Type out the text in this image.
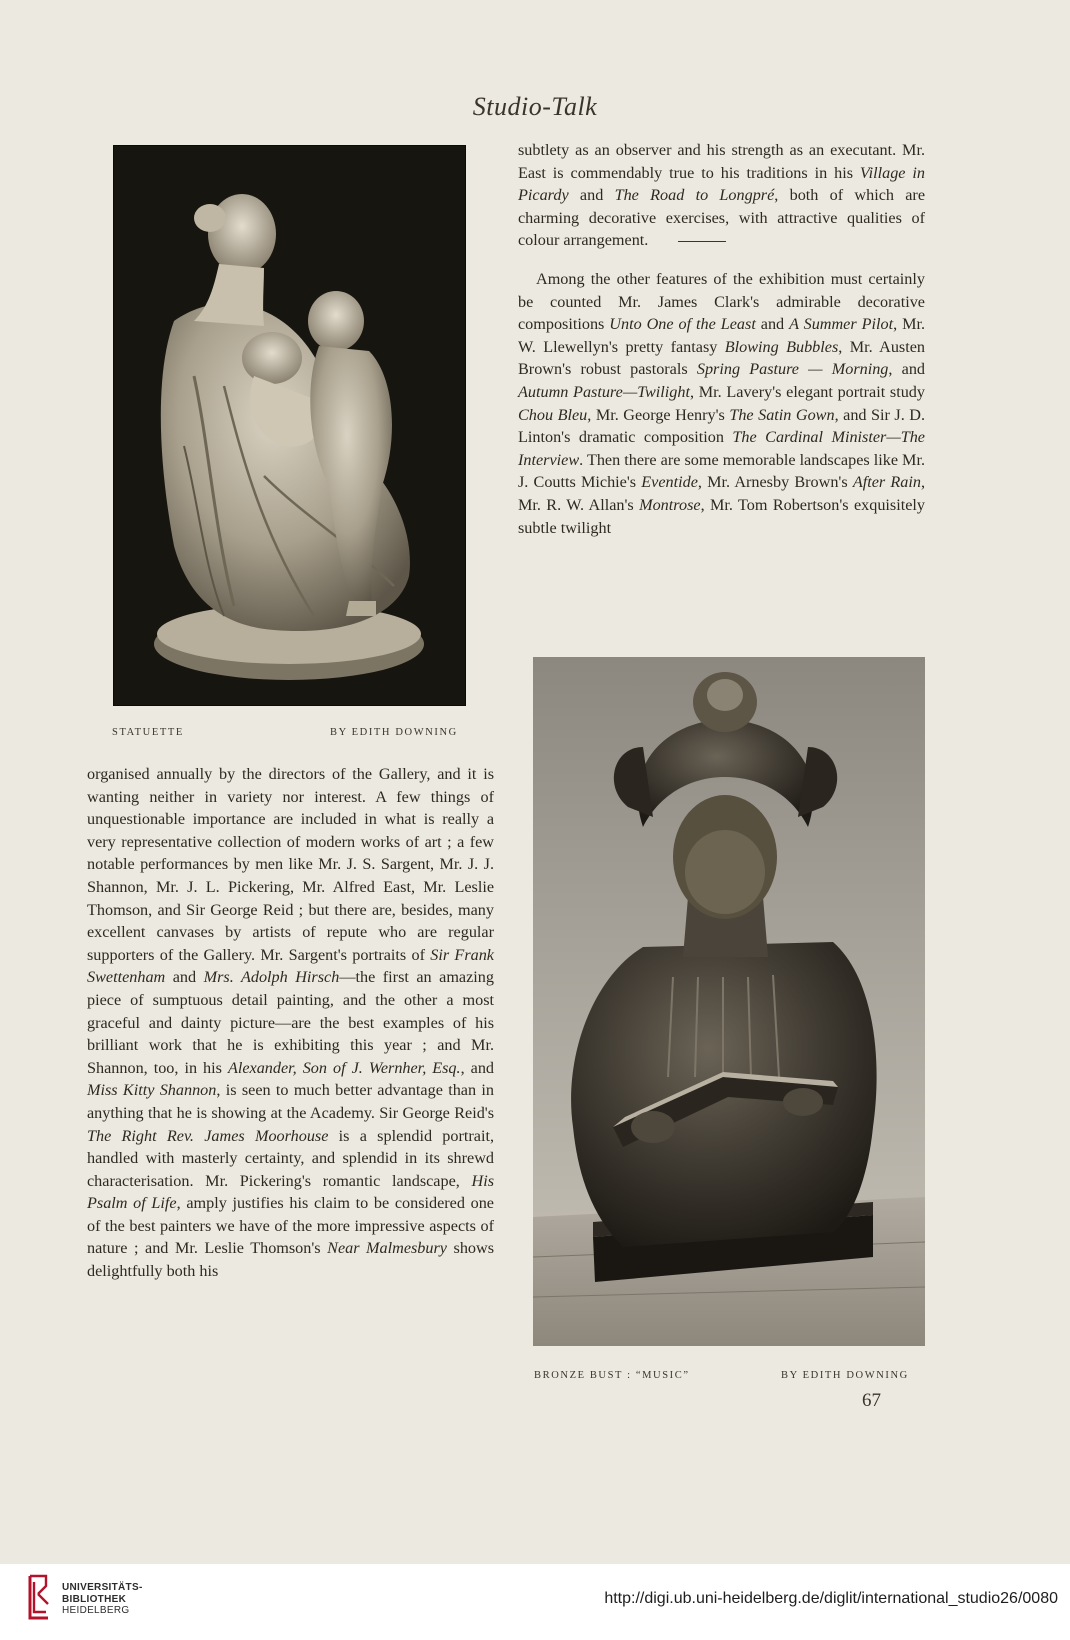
Studio-Talk
STATUETTE	BY EDITH DOWNING

subtlety as an observer and his strength as an executant. Mr. East is commendably true to his traditions in his Village in Picardy and The Road to Longpré, both of which are charming decorative exercises, with attractive qualities of colour arrangement.

Among the other features of the exhibition must certainly be counted Mr. James Clark's admirable decorative compositions Unto One of the Least and A Summer Pilot, Mr. W. Llewellyn's pretty fantasy Blowing Bubbles, Mr. Austen Brown's robust pastorals Spring Pasture — Morning, and Autumn Pasture—Twilight, Mr. Lavery's elegant portrait study Chou Bleu, Mr. George Henry's The Satin Gown, and Sir J. D. Linton's dramatic composition The Cardinal Minister—The Interview. Then there are some memorable landscapes like Mr. J. Coutts Michie's Eventide, Mr. Arnesby Brown's After Rain, Mr. R. W. Allan's Montrose, Mr. Tom Robertson's exquisitely subtle twilight

organised annually by the directors of the Gallery, and it is wanting neither in variety nor interest. A few things of unquestionable importance are included in what is really a very representative collection of modern works of art ; a few notable performances by men like Mr. J. S. Sargent, Mr. J. J. Shannon, Mr. J. L. Pickering, Mr. Alfred East, Mr. Leslie Thomson, and Sir George Reid ; but there are, besides, many excellent canvases by artists of repute who are regular supporters of the Gallery. Mr. Sargent's portraits of Sir Frank Swettenham and Mrs. Adolph Hirsch—the first an amazing piece of sumptuous detail painting, and the other a most graceful and dainty picture—are the best examples of his brilliant work that he is exhibiting this year ; and Mr. Shannon, too, in his Alexander, Son of J. Wernher, Esq., and Miss Kitty Shannon, is seen to much better advantage than in anything that he is showing at the Academy. Sir George Reid's The Right Rev. James Moorhouse is a splendid portrait, handled with masterly certainty, and splendid in its shrewd characterisation. Mr. Pickering's romantic landscape, His Psalm of Life, amply justifies his claim to be considered one of the best painters we have of the more impressive aspects of nature ; and Mr. Leslie Thomson's Near Malmesbury shows delightfully both his

BRONZE BUST : “MUSIC”	BY EDITH DOWNING
67
UNIVERSITÄTS-
BIBLIOTHEK
HEIDELBERG
http://digi.ub.uni-heidelberg.de/diglit/international_studio26/0080
